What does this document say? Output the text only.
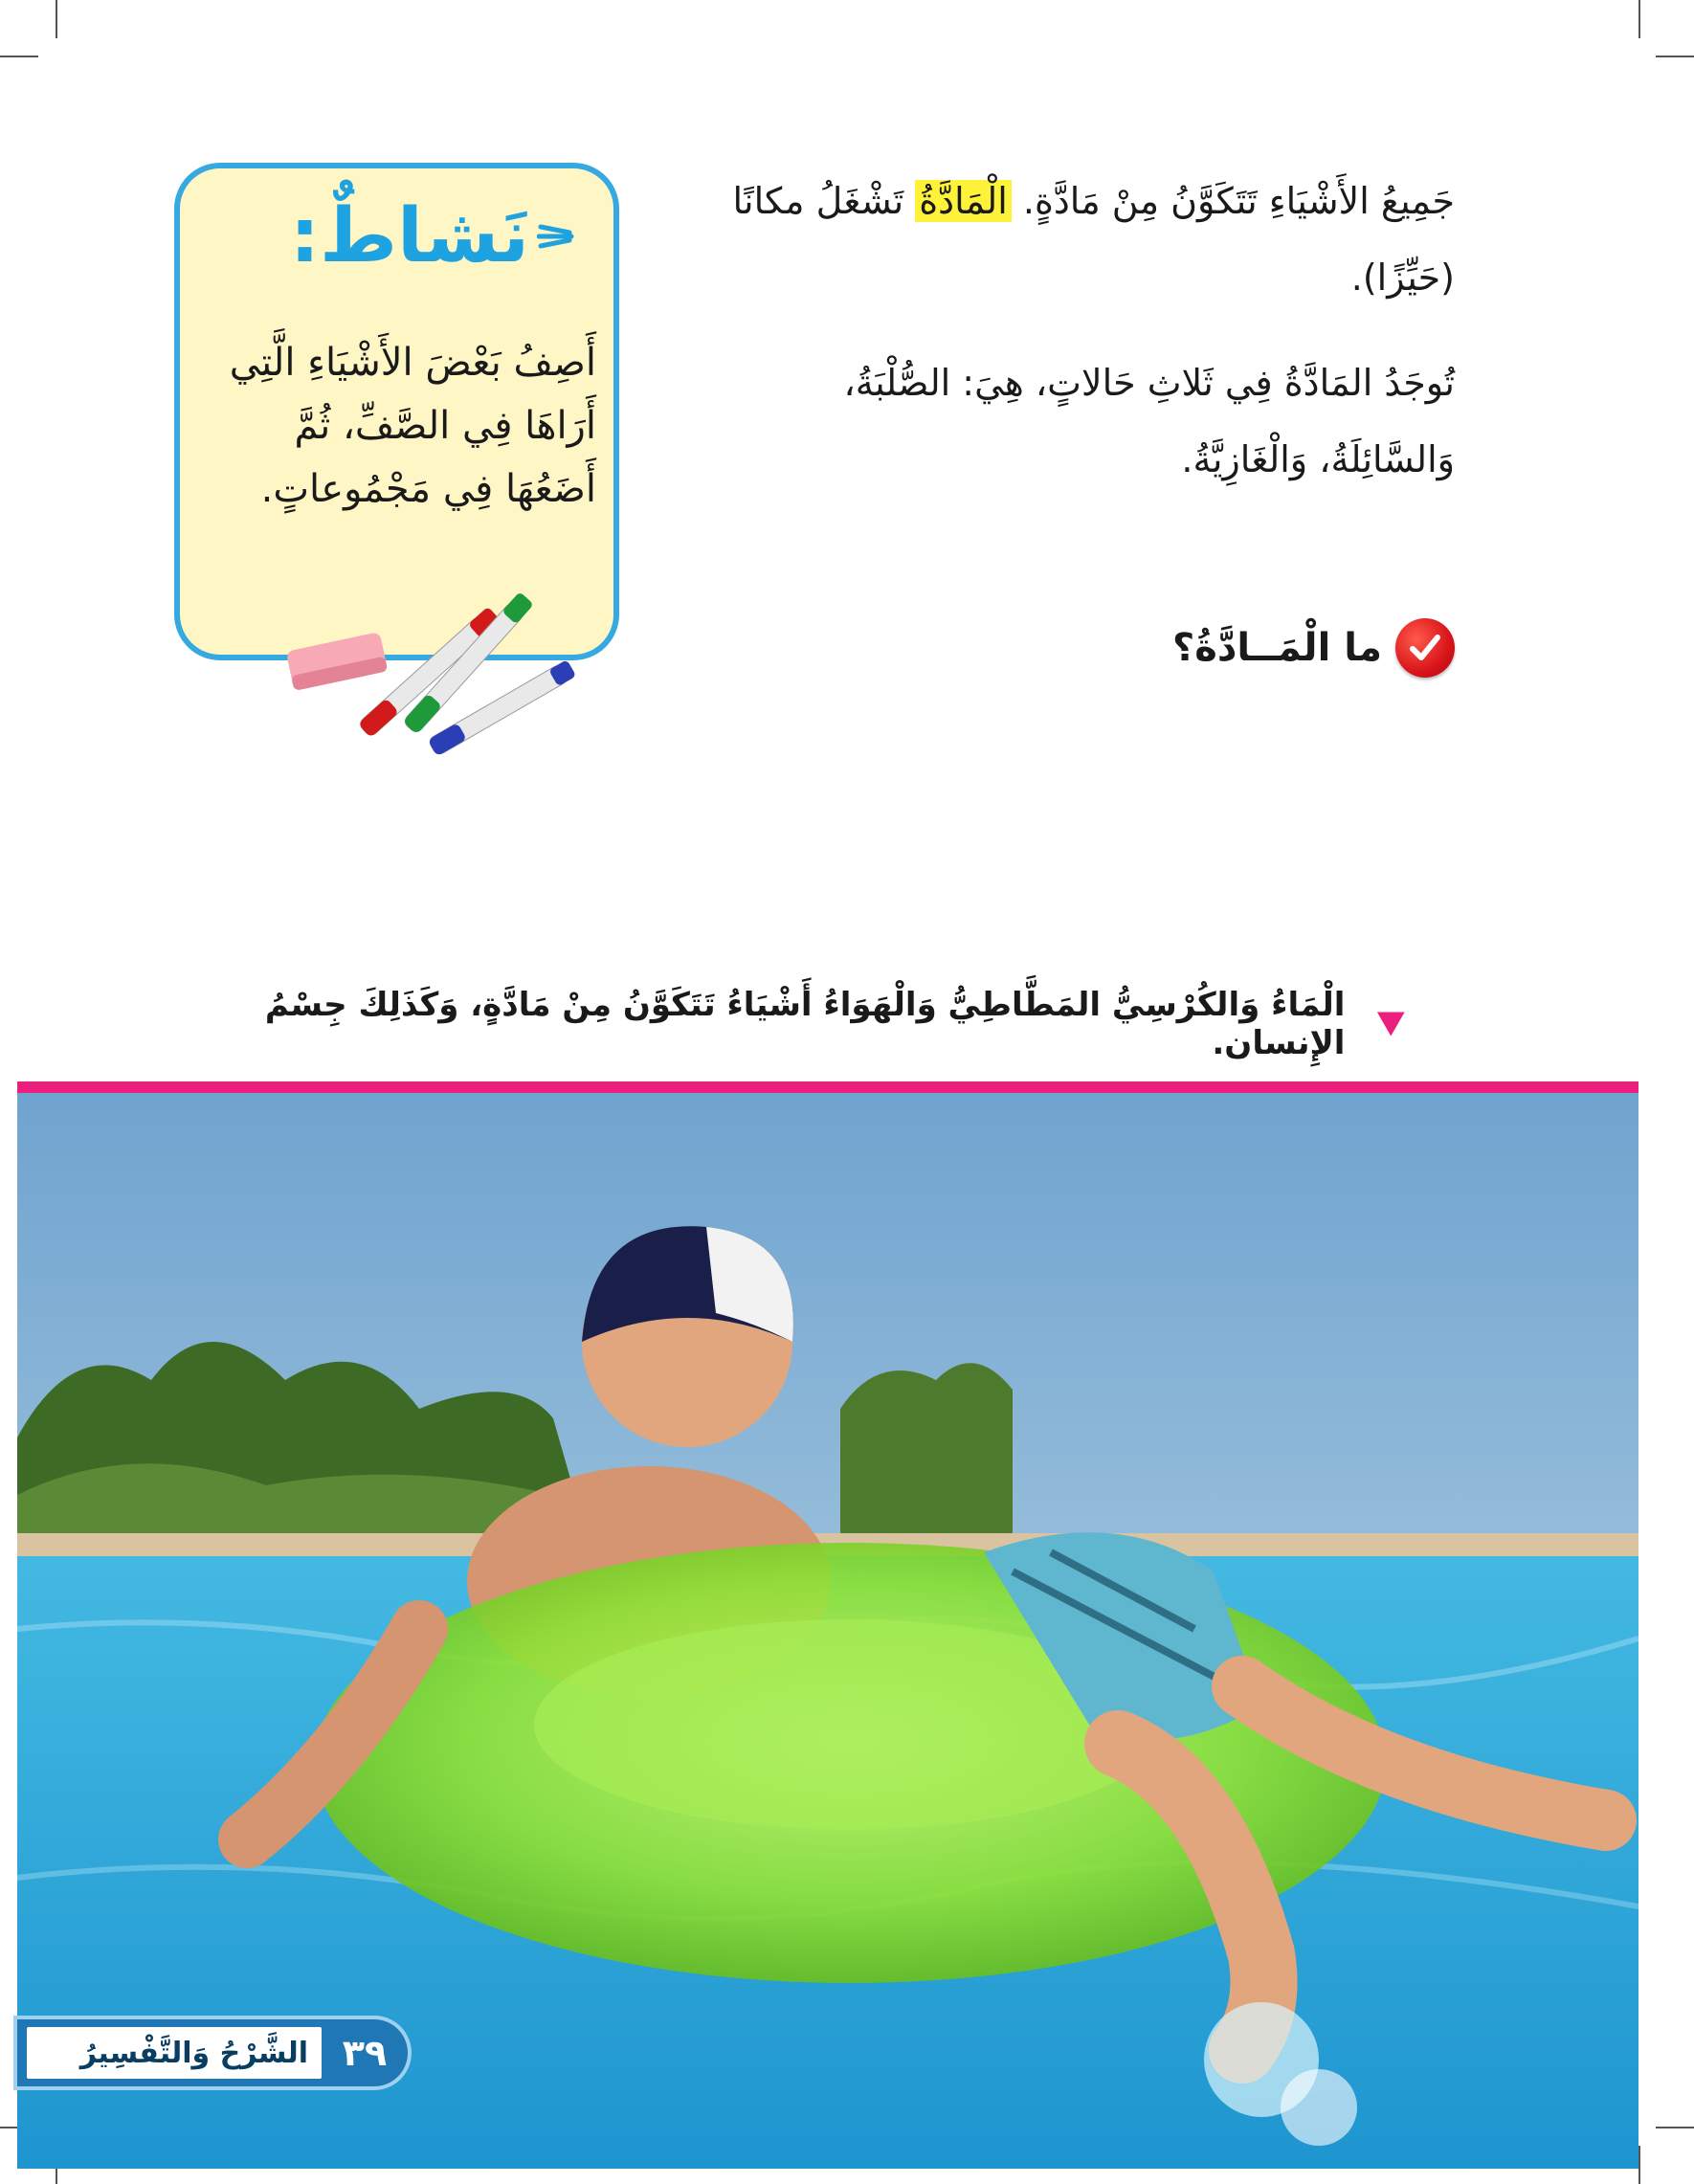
جَمِيعُ الأَشْيَاءِ تَتَكَوَّنُ مِنْ مَادَّةٍ. الْمَادَّةُ تَشْغَلُ مكانًا (حَيِّزًا).

تُوجَدُ المَادَّةُ فِي ثَلاثِ حَالاتٍ، هِيَ: الصُّلْبَةُ، وَالسَّائِلَةُ، وَالْغَازِيَّةُ.

ما الْمَــادَّةُ؟
نَشاطٌ:
أَصِفُ بَعْضَ الأَشْيَاءِ الَّتِي أَرَاهَا فِي الصَّفِّ، ثُمَّ أَضَعُهَا فِي مَجْمُوعاتٍ.
الْمَاءُ وَالكُرْسِيُّ المَطَّاطِيُّ وَالْهَوَاءُ أَشْيَاءُ تَتَكَوَّنُ مِنْ مَادَّةٍ، وَكَذَلِكَ جِسْمُ الإِنسان.
٣٩
الشَّرْحُ وَالتَّفْسِيرُ
